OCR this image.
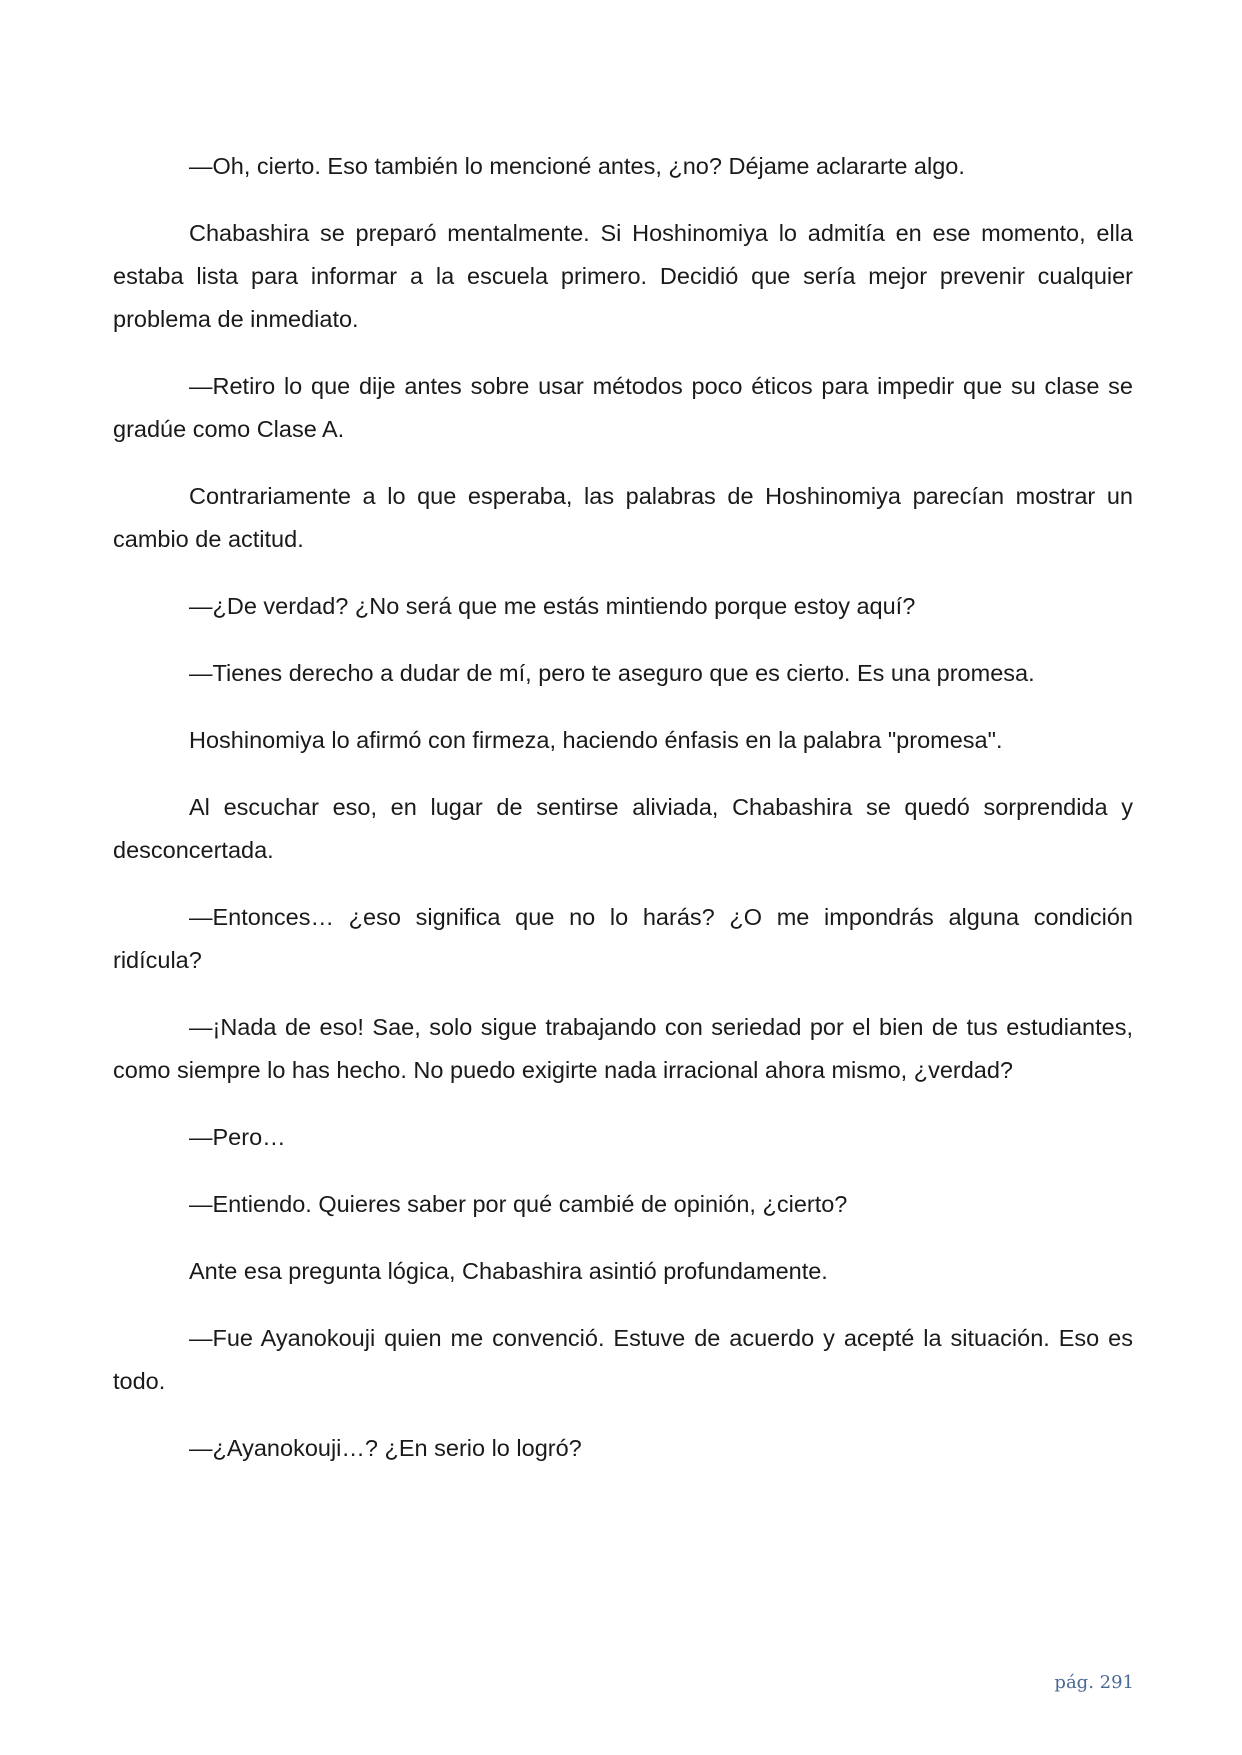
—Oh, cierto. Eso también lo mencioné antes, ¿no? Déjame aclararte algo.

Chabashira se preparó mentalmente. Si Hoshinomiya lo admitía en ese momento, ella estaba lista para informar a la escuela primero. Decidió que sería mejor prevenir cualquier problema de inmediato.

—Retiro lo que dije antes sobre usar métodos poco éticos para impedir que su clase se gradúe como Clase A.

Contrariamente a lo que esperaba, las palabras de Hoshinomiya parecían mostrar un cambio de actitud.

—¿De verdad? ¿No será que me estás mintiendo porque estoy aquí?

—Tienes derecho a dudar de mí, pero te aseguro que es cierto. Es una promesa.

Hoshinomiya lo afirmó con firmeza, haciendo énfasis en la palabra "promesa".

Al escuchar eso, en lugar de sentirse aliviada, Chabashira se quedó sorprendida y desconcertada.

—Entonces… ¿eso significa que no lo harás? ¿O me impondrás alguna condición ridícula?

—¡Nada de eso! Sae, solo sigue trabajando con seriedad por el bien de tus estudiantes, como siempre lo has hecho. No puedo exigirte nada irracional ahora mismo, ¿verdad?

—Pero…

—Entiendo. Quieres saber por qué cambié de opinión, ¿cierto?

Ante esa pregunta lógica, Chabashira asintió profundamente.

—Fue Ayanokouji quien me convenció. Estuve de acuerdo y acepté la situación. Eso es todo.

—¿Ayanokouji…? ¿En serio lo logró?

pág. 291
